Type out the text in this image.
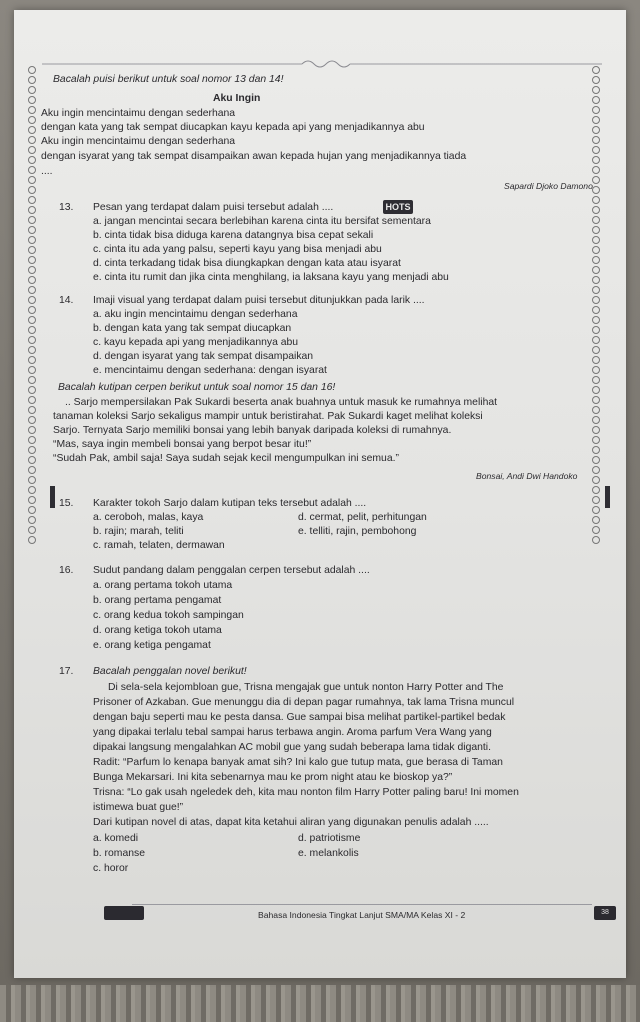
Bacalah puisi berikut untuk soal nomor 13 dan 14!
Aku Ingin
Aku ingin mencintaimu dengan sederhana
dengan kata yang tak sempat diucapkan kayu kepada api yang menjadikannya abu
Aku ingin mencintaimu dengan sederhana
dengan isyarat yang tak sempat disampaikan awan kepada hujan yang menjadikannya tiada
....
Sapardi Djoko Damono
13. Pesan yang terdapat dalam puisi tersebut adalah ....	HOTS
a. jangan mencintai secara berlebihan karena cinta itu bersifat sementara
b. cinta tidak bisa diduga karena datangnya bisa cepat sekali
c. cinta itu ada yang palsu, seperti kayu yang bisa menjadi abu
d. cinta terkadang tidak bisa diungkapkan dengan kata atau isyarat
e. cinta itu rumit dan jika cinta menghilang, ia laksana kayu yang menjadi abu
14. Imaji visual yang terdapat dalam puisi tersebut ditunjukkan pada larik ....
a. aku ingin mencintaimu dengan sederhana
b. dengan kata yang tak sempat diucapkan
c. kayu kepada api yang menjadikannya abu
d. dengan isyarat yang tak sempat disampaikan
e. mencintaimu dengan sederhana: dengan isyarat
Bacalah kutipan cerpen berikut untuk soal nomor 15 dan 16!
.. Sarjo mempersilakan Pak Sukardi beserta anak buahnya untuk masuk ke rumahnya melihat
tanaman koleksi Sarjo sekaligus mampir untuk beristirahat. Pak Sukardi kaget melihat koleksi
Sarjo. Ternyata Sarjo memiliki bonsai yang lebih banyak daripada koleksi di rumahnya.
“Mas, saya ingin membeli bonsai yang berpot besar itu!”
“Sudah Pak, ambil saja! Saya sudah sejak kecil mengumpulkan ini semua.”
Bonsai, Andi Dwi Handoko
15. Karakter tokoh Sarjo dalam kutipan teks tersebut adalah ....
a. ceroboh, malas, kaya
b. rajin; marah, teliti
c. ramah, telaten, dermawan
d. cermat, pelit, perhitungan
e. telliti, rajin, pembohong
16. Sudut pandang dalam penggalan cerpen tersebut adalah ....
a. orang pertama tokoh utama
b. orang pertama pengamat
c. orang kedua tokoh sampingan
d. orang ketiga tokoh utama
e. orang ketiga pengamat
17. Bacalah penggalan novel berikut!
Di sela-sela kejombloan gue, Trisna mengajak gue untuk nonton Harry Potter and The
Prisoner of Azkaban. Gue menunggu dia di depan pagar rumahnya, tak lama Trisna muncul
dengan baju seperti mau ke pesta dansa. Gue sampai bisa melihat partikel-partikel bedak
yang dipakai terlalu tebal sampai harus terbawa angin. Aroma parfum Vera Wang yang
dipakai langsung mengalahkan AC mobil gue yang sudah beberapa lama tidak diganti.
Radit: “Parfum lo kenapa banyak amat sih? Ini kalo gue tutup mata, gue berasa di Taman
Bunga Mekarsari. Ini kita sebenarnya mau ke prom night atau ke bioskop ya?”
Trisna: “Lo gak usah ngeledek deh, kita mau nonton film Harry Potter paling baru! Ini momen
istimewa buat gue!”
Dari kutipan novel di atas, dapat kita ketahui aliran yang digunakan penulis adalah .....
a. komedi
b. romanse
c. horor
d. patriotisme
e. melankolis
Bahasa Indonesia Tingkat Lanjut SMA/MA Kelas XI - 2	38
